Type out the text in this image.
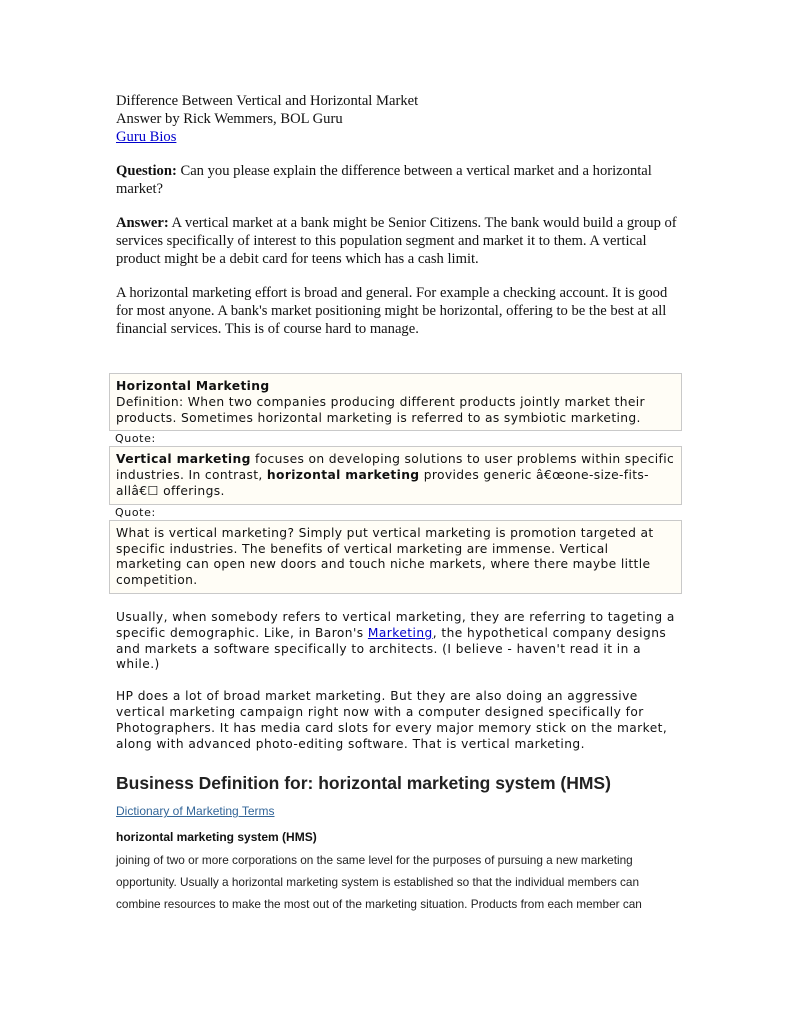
Difference Between Vertical and Horizontal Market
Answer by Rick Wemmers, BOL Guru
Guru Bios

Question: Can you please explain the difference between a vertical market and a horizontal market?

Answer: A vertical market at a bank might be Senior Citizens. The bank would build a group of services specifically of interest to this population segment and market it to them. A vertical product might be a debit card for teens which has a cash limit.

A horizontal marketing effort is broad and general. For example a checking account. It is good for most anyone. A bank's market positioning might be horizontal, offering to be the best at all financial services. This is of course hard to manage.

Horizontal Marketing
Definition: When two companies producing different products jointly market their products. Sometimes horizontal marketing is referred to as symbiotic marketing.
Quote:
Vertical marketing focuses on developing solutions to user problems within specific industries. In contrast, horizontal marketing provides generic â€œone-size-fits-allâ€☐ offerings.
Quote:
What is vertical marketing? Simply put vertical marketing is promotion targeted at specific industries. The benefits of vertical marketing are immense. Vertical marketing can open new doors and touch niche markets, where there maybe little competition.

Usually, when somebody refers to vertical marketing, they are referring to tageting a specific demographic. Like, in Baron's Marketing, the hypothetical company designs and markets a software specifically to architects. (I believe - haven't read it in a while.)

HP does a lot of broad market marketing. But they are also doing an aggressive vertical marketing campaign right now with a computer designed specifically for Photographers. It has media card slots for every major memory stick on the market, along with advanced photo-editing software. That is vertical marketing.

Business Definition for: horizontal marketing system (HMS)
Dictionary of Marketing Terms

horizontal marketing system (HMS)

joining of two or more corporations on the same level for the purposes of pursuing a new marketing opportunity. Usually a horizontal marketing system is established so that the individual members can combine resources to make the most out of the marketing situation. Products from each member can
